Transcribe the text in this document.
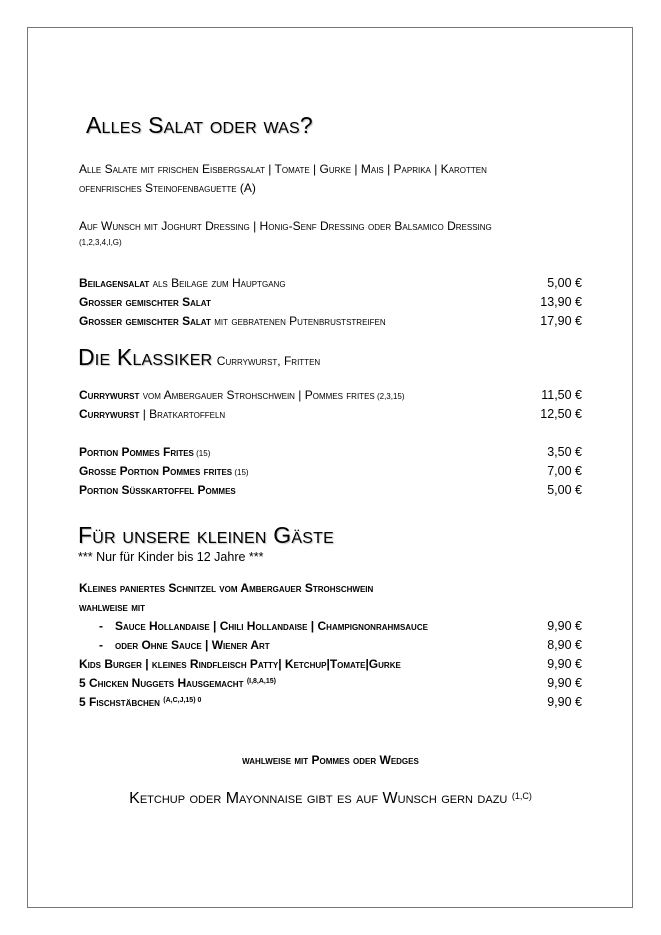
Alles Salat oder was?
Alle Salate mit frischen Eisbergsalat | Tomate | Gurke | Mais | Paprika | Karotten
ofenfrisches Steinofenbaguette (A)
Auf Wunsch mit Joghurt Dressing | Honig-Senf Dressing oder Balsamico Dressing
(1,2,3,4,I,G)
Beilagensalat als Beilage zum Hauptgang	5,00 €
Großer gemischter Salat	13,90 €
Großer gemischter Salat mit gebratenen Putenbruststreifen	17,90 €
Die Klassiker Currywurst, Fritten
Currywurst vom Ambergauer Strohschwein | Pommes frites (2,3,15)	11,50 €
Currywurst | Bratkartoffeln	12,50 €
Portion Pommes Frites (15)	3,50 €
Große Portion Pommes frites (15)	7,00 €
Portion Süßkartoffel Pommes	5,00 €
Für unsere kleinen Gäste
*** Nur für Kinder bis 12 Jahre ***
Kleines paniertes Schnitzel vom Ambergauer Strohschwein
wahlweise mit
- Sauce Hollandaise | Chili Hollandaise | Champignonrahmsauce	9,90 €
- oder Ohne Sauce | Wiener Art	8,90 €
Kids Burger | kleines Rindfleisch Patty| Ketchup|Tomate|Gurke	9,90 €
5 Chicken Nuggets Hausgemacht $^{(I,8,A,15)}$	9,90 €
5 Fischstäbchen $^{(A,C,J,15) 0}$	9,90 €
wahlweise mit Pommes oder Wedges
Ketchup oder Mayonnaise gibt es auf Wunsch gern dazu $^{(1,C)}$
